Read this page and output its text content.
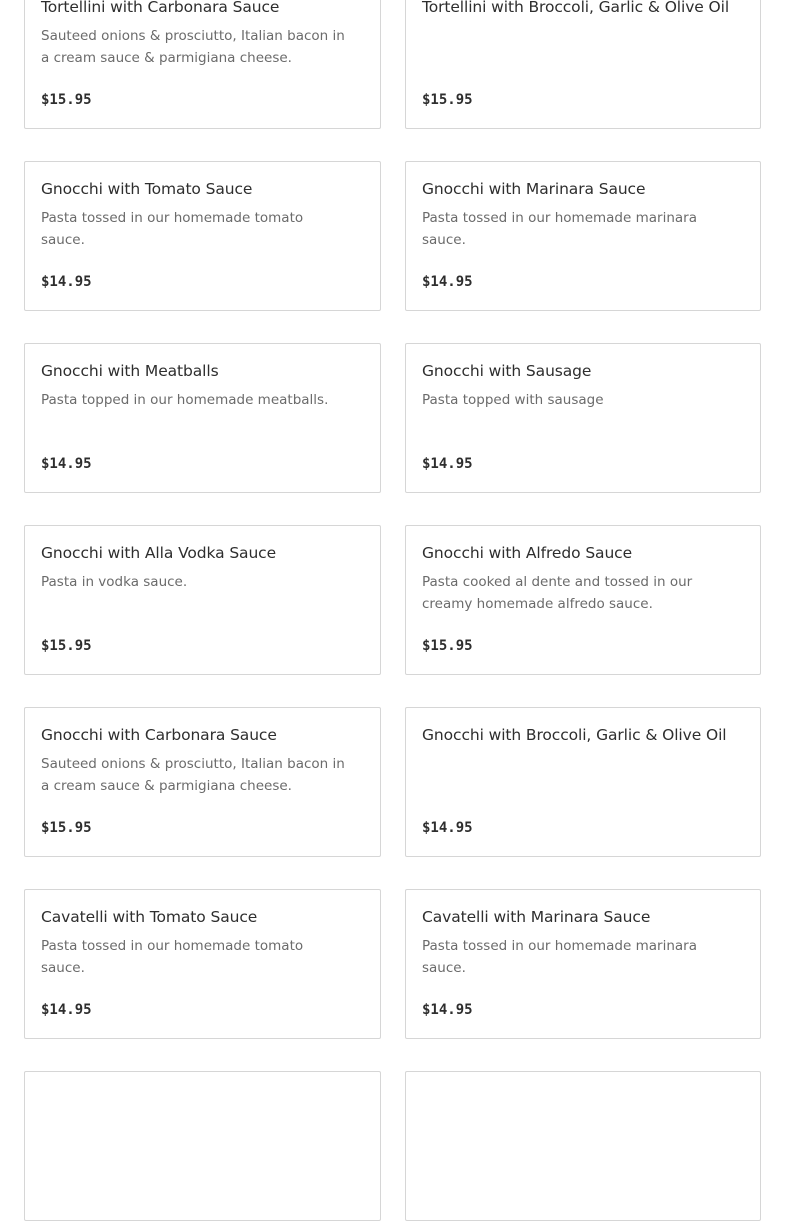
Tortellini with Carbonara Sauce
Sauteed onions & prosciutto, Italian bacon in a cream sauce & parmigiana cheese.
$15.95
Tortellini with Broccoli, Garlic & Olive Oil
$15.95
Gnocchi with Tomato Sauce
Pasta tossed in our homemade tomato sauce.
$14.95
Gnocchi with Marinara Sauce
Pasta tossed in our homemade marinara sauce.
$14.95
Gnocchi with Meatballs
Pasta topped in our homemade meatballs.
$14.95
Gnocchi with Sausage
Pasta topped with sausage
$14.95
Gnocchi with Alla Vodka Sauce
Pasta in vodka sauce.
$15.95
Gnocchi with Alfredo Sauce
Pasta cooked al dente and tossed in our creamy homemade alfredo sauce.
$15.95
Gnocchi with Carbonara Sauce
Sauteed onions & prosciutto, Italian bacon in a cream sauce & parmigiana cheese.
$15.95
Gnocchi with Broccoli, Garlic & Olive Oil
$14.95
Cavatelli with Tomato Sauce
Pasta tossed in our homemade tomato sauce.
$14.95
Cavatelli with Marinara Sauce
Pasta tossed in our homemade marinara sauce.
$14.95
